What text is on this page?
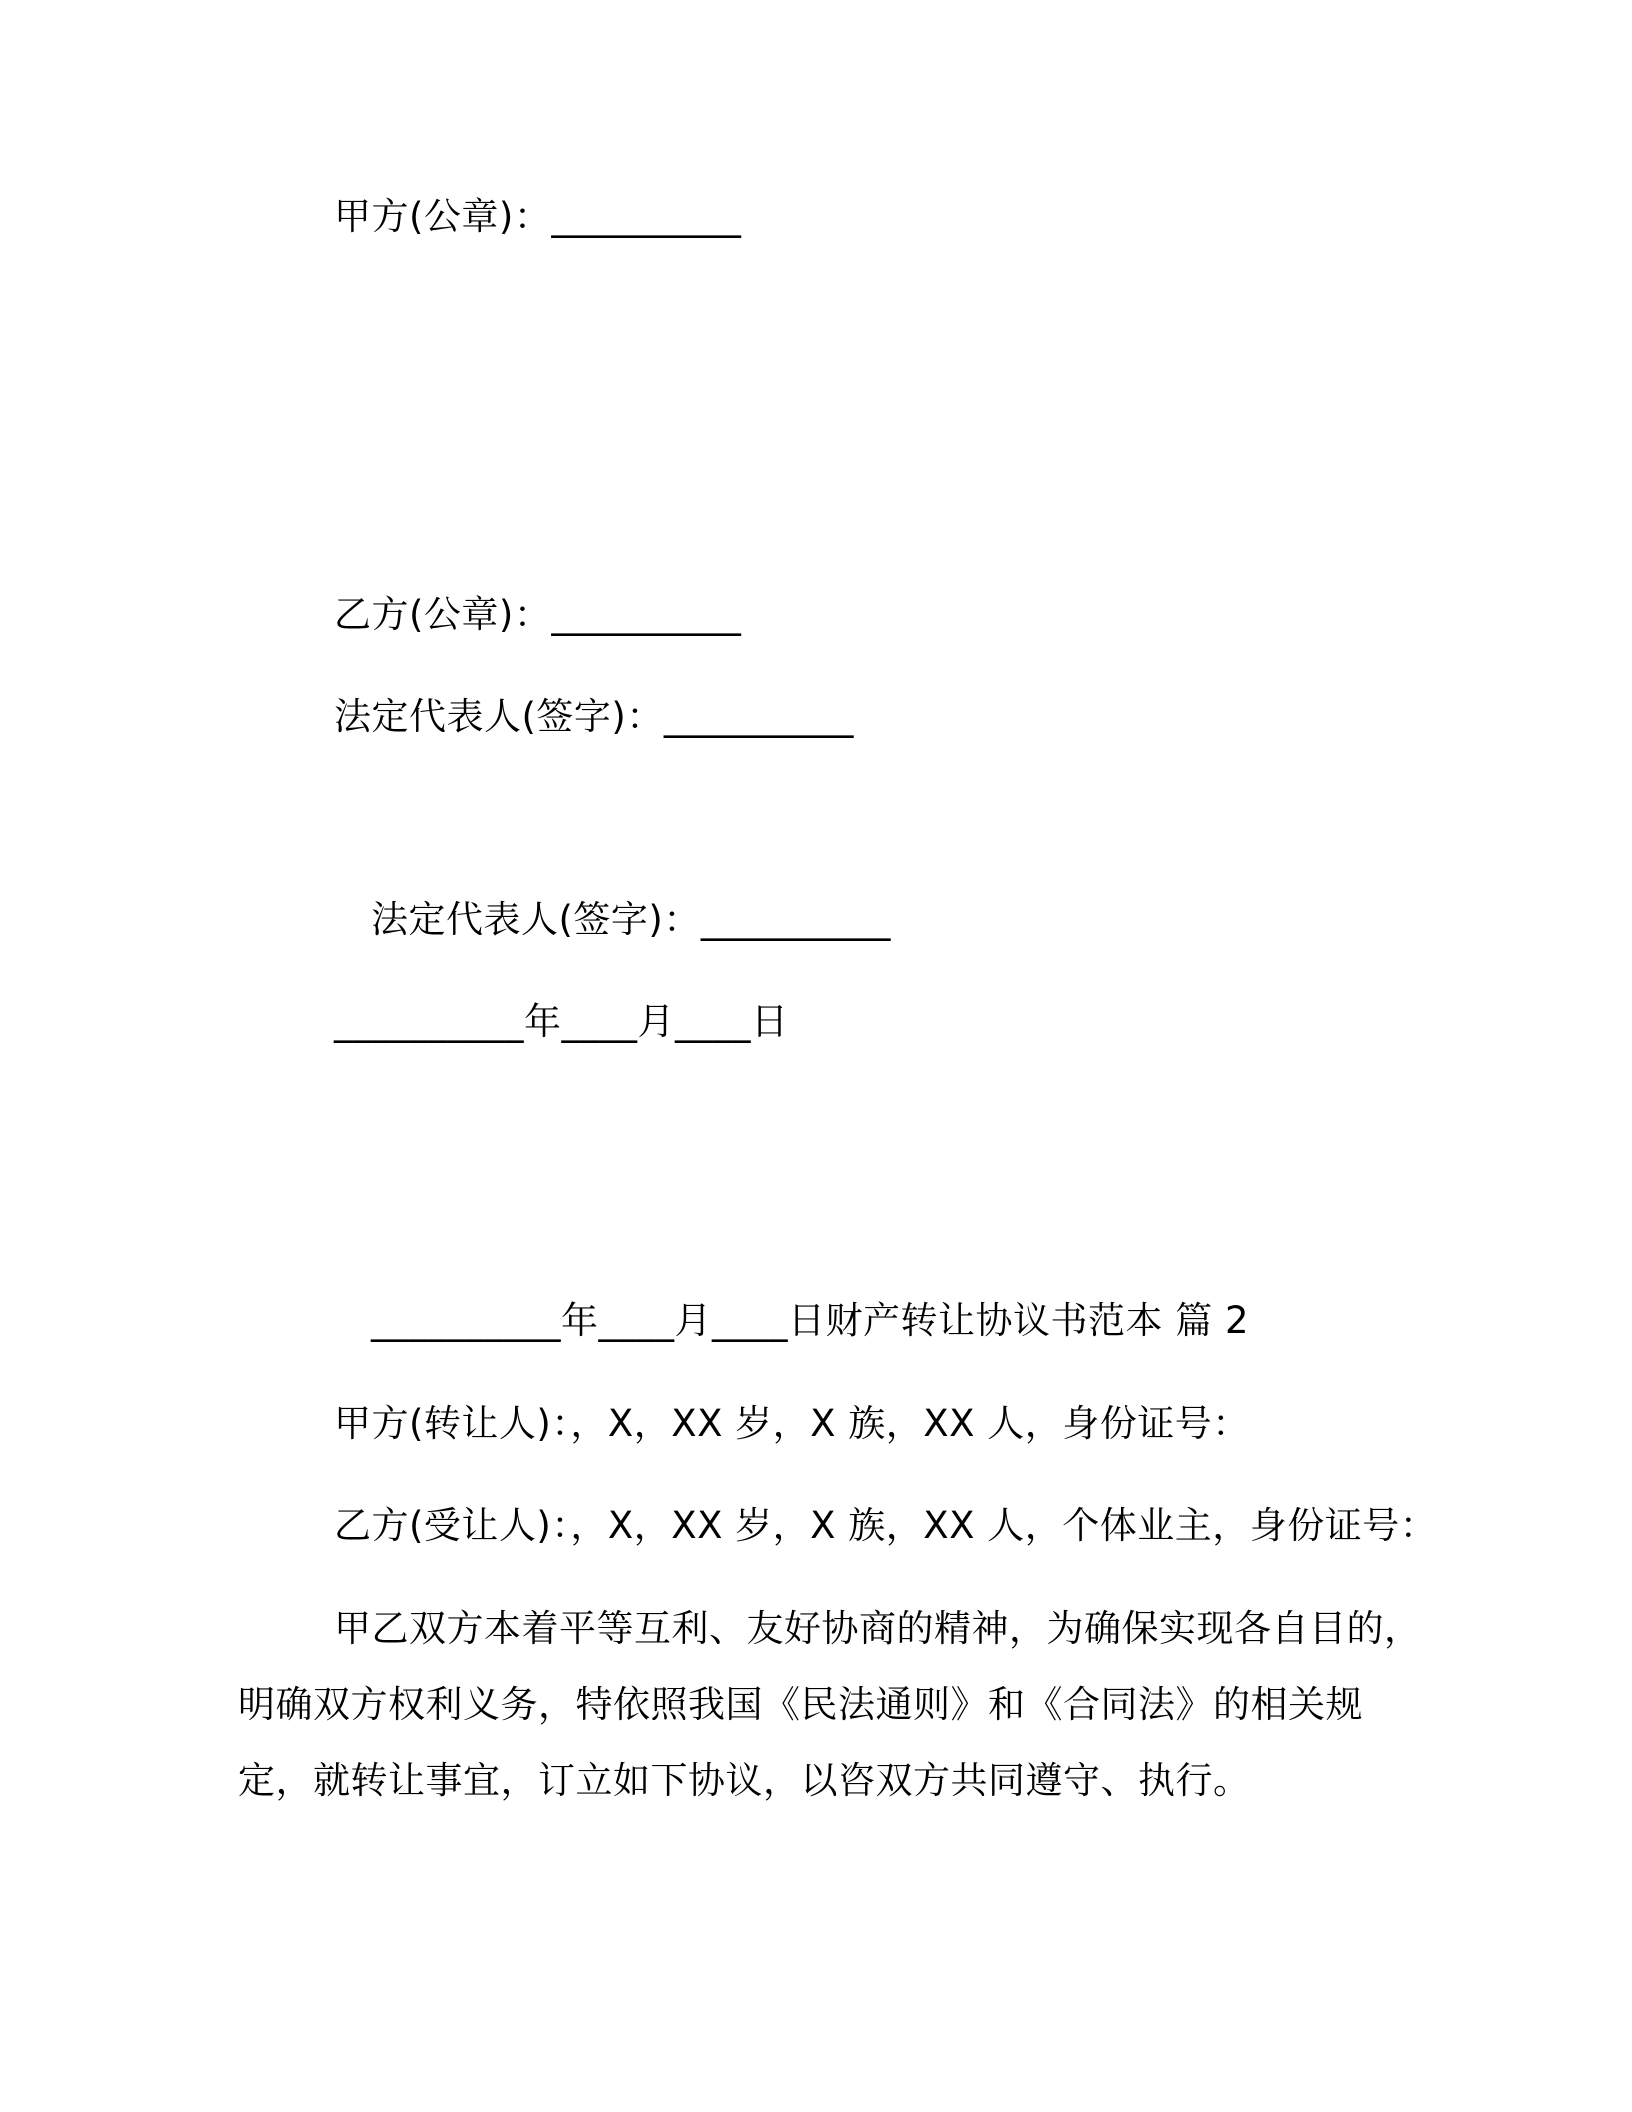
甲方(公章)：__________
乙方(公章)：__________
法定代表人(签字)：__________
法定代表人(签字)：__________
__________年____月____日
__________年____月____日财产转让协议书范本 篇 2
甲方(转让人)：，X，XX 岁，X 族，XX 人，身份证号：
乙方(受让人)：，X，XX 岁，X 族，XX 人，个体业主，身份证号：
甲乙双方本着平等互利、友好协商的精神，为确保实现各自目的，
明确双方权利义务，特依照我国《民法通则》和《合同法》的相关规
定，就转让事宜，订立如下协议，以咨双方共同遵守、执行。
